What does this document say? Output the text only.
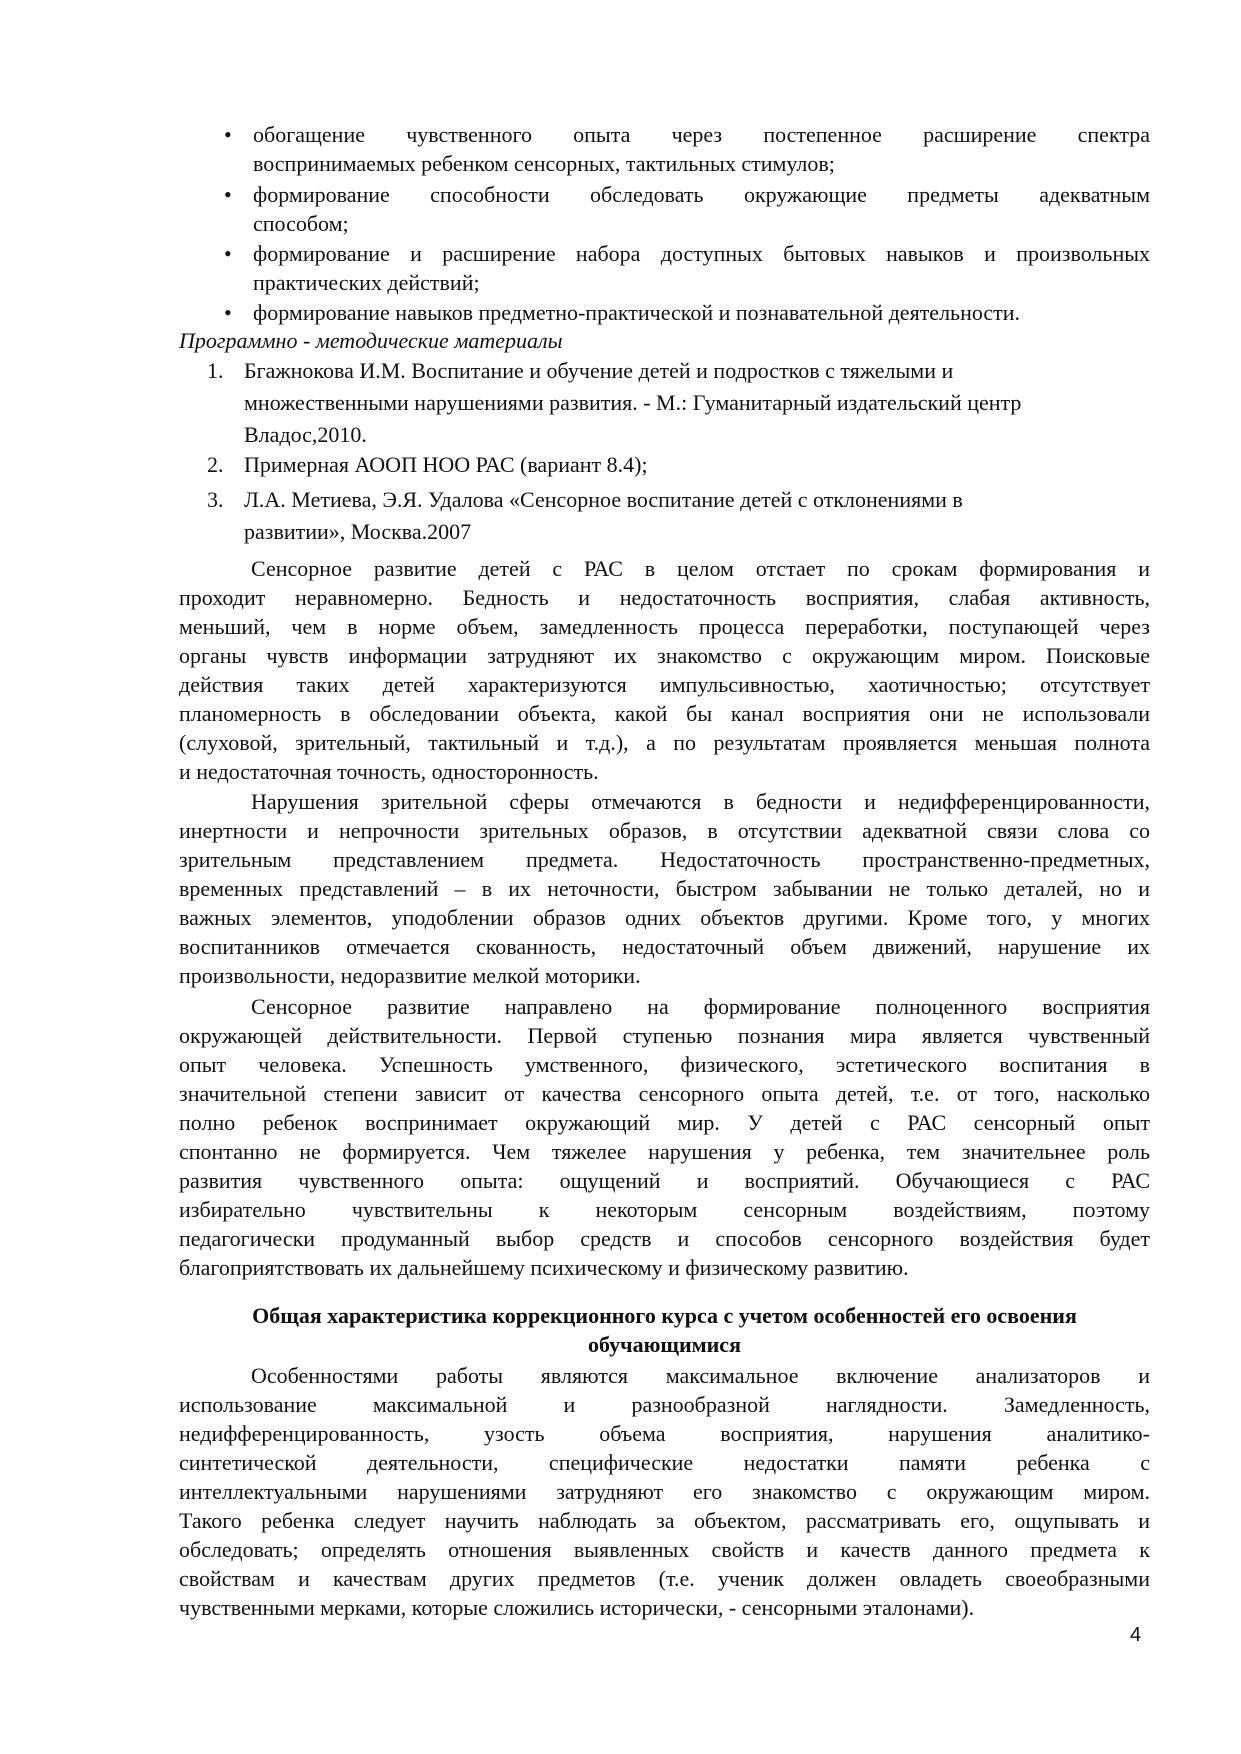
• обогащение чувственного опыта через постепенное расширение спектра
воспринимаемых ребенком сенсорных, тактильных стимулов;
• формирование способности обследовать окружающие предметы адекватным
способом;
• формирование и расширение набора доступных бытовых навыков и произвольных
практических действий;
• формирование навыков предметно-практической и познавательной деятельности.
Программно - методические материалы
1. Бгажнокова И.М. Воспитание и обучение детей и подростков с тяжелыми и
множественными нарушениями развития. - М.: Гуманитарный издательский центр
Владос,2010.
2. Примерная АООП НОО РАС (вариант 8.4);
3. Л.А. Метиева, Э.Я. Удалова «Сенсорное воспитание детей с отклонениями в
развитии», Москва.2007
Сенсорное развитие детей с РАС в целом отстает по срокам формирования и
проходит неравномерно. Бедность и недостаточность восприятия, слабая активность,
меньший, чем в норме объем, замедленность процесса переработки, поступающей через
органы чувств информации затрудняют их знакомство с окружающим миром. Поисковые
действия таких детей характеризуются импульсивностью, хаотичностью; отсутствует
планомерность в обследовании объекта, какой бы канал восприятия они не использовали
(слуховой, зрительный, тактильный и т.д.), а по результатам проявляется меньшая полнота
и недостаточная точность, односторонность.
Нарушения зрительной сферы отмечаются в бедности и недифференцированности,
инертности и непрочности зрительных образов, в отсутствии адекватной связи слова со
зрительным представлением предмета. Недостаточность пространственно-предметных,
временных представлений – в их неточности, быстром забывании не только деталей, но и
важных элементов, уподоблении образов одних объектов другими. Кроме того, у многих
воспитанников отмечается скованность, недостаточный объем движений, нарушение их
произвольности, недоразвитие мелкой моторики.
Сенсорное развитие направлено на формирование полноценного восприятия
окружающей действительности. Первой ступенью познания мира является чувственный
опыт человека. Успешность умственного, физического, эстетического воспитания в
значительной степени зависит от качества сенсорного опыта детей, т.е. от того, насколько
полно ребенок воспринимает окружающий мир. У детей с РАС сенсорный опыт
спонтанно не формируется. Чем тяжелее нарушения у ребенка, тем значительнее роль
развития чувственного опыта: ощущений и восприятий. Обучающиеся с РАС
избирательно чувствительны к некоторым сенсорным воздействиям, поэтому
педагогически продуманный выбор средств и способов сенсорного воздействия будет
благоприятствовать их дальнейшему психическому и физическому развитию.
Общая характеристика коррекционного курса с учетом особенностей его освоения
обучающимися
Особенностями работы являются максимальное включение анализаторов и
использование максимальной и разнообразной наглядности. Замедленность,
недифференцированность, узость объема восприятия, нарушения аналитико-
синтетической деятельности, специфические недостатки памяти ребенка с
интеллектуальными нарушениями затрудняют его знакомство с окружающим миром.
Такого ребенка следует научить наблюдать за объектом, рассматривать его, ощупывать и
обследовать; определять отношения выявленных свойств и качеств данного предмета к
свойствам и качествам других предметов (т.е. ученик должен овладеть своеобразными
чувственными мерками, которые сложились исторически, - сенсорными эталонами).
4
